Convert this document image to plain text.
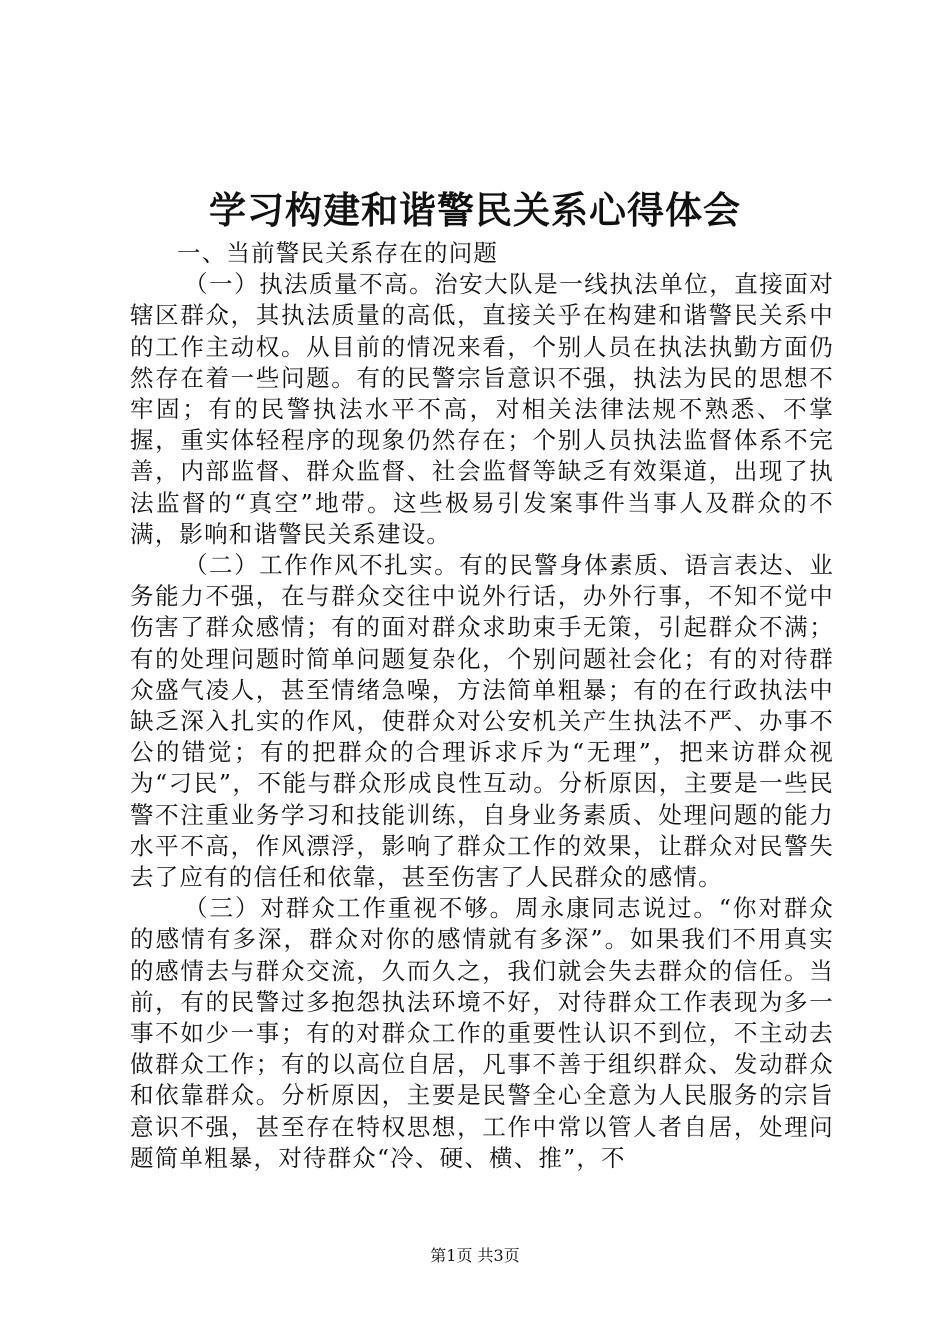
学习构建和谐警民关系心得体会

一、当前警民关系存在的问题

（一）执法质量不高。治安大队是一线执法单位，直接面对辖区群众，其执法质量的高低，直接关乎在构建和谐警民关系中的工作主动权。从目前的情况来看，个别人员在执法执勤方面仍然存在着一些问题。有的民警宗旨意识不强，执法为民的思想不牢固；有的民警执法水平不高，对相关法律法规不熟悉、不掌握，重实体轻程序的现象仍然存在；个别人员执法监督体系不完善，内部监督、群众监督、社会监督等缺乏有效渠道，出现了执法监督的“真空”地带。这些极易引发案事件当事人及群众的不满，影响和谐警民关系建设。

（二）工作作风不扎实。有的民警身体素质、语言表达、业务能力不强，在与群众交往中说外行话，办外行事，不知不觉中伤害了群众感情；有的面对群众求助束手无策，引起群众不满；有的处理问题时简单问题复杂化，个别问题社会化；有的对待群众盛气凌人，甚至情绪急噪，方法简单粗暴；有的在行政执法中缺乏深入扎实的作风，使群众对公安机关产生执法不严、办事不公的错觉；有的把群众的合理诉求斥为“无理”，把来访群众视为“刁民”，不能与群众形成良性互动。分析原因，主要是一些民警不注重业务学习和技能训练，自身业务素质、处理问题的能力水平不高，作风漂浮，影响了群众工作的效果，让群众对民警失去了应有的信任和依靠，甚至伤害了人民群众的感情。

（三）对群众工作重视不够。周永康同志说过。“你对群众的感情有多深，群众对你的感情就有多深”。如果我们不用真实的感情去与群众交流，久而久之，我们就会失去群众的信任。当前，有的民警过多抱怨执法环境不好，对待群众工作表现为多一事不如少一事；有的对群众工作的重要性认识不到位，不主动去做群众工作；有的以高位自居，凡事不善于组织群众、发动群众和依靠群众。分析原因，主要是民警全心全意为人民服务的宗旨意识不强，甚至存在特权思想，工作中常以管人者自居，处理问题简单粗暴，对待群众“冷、硬、横、推”，不

第1页 共3页
